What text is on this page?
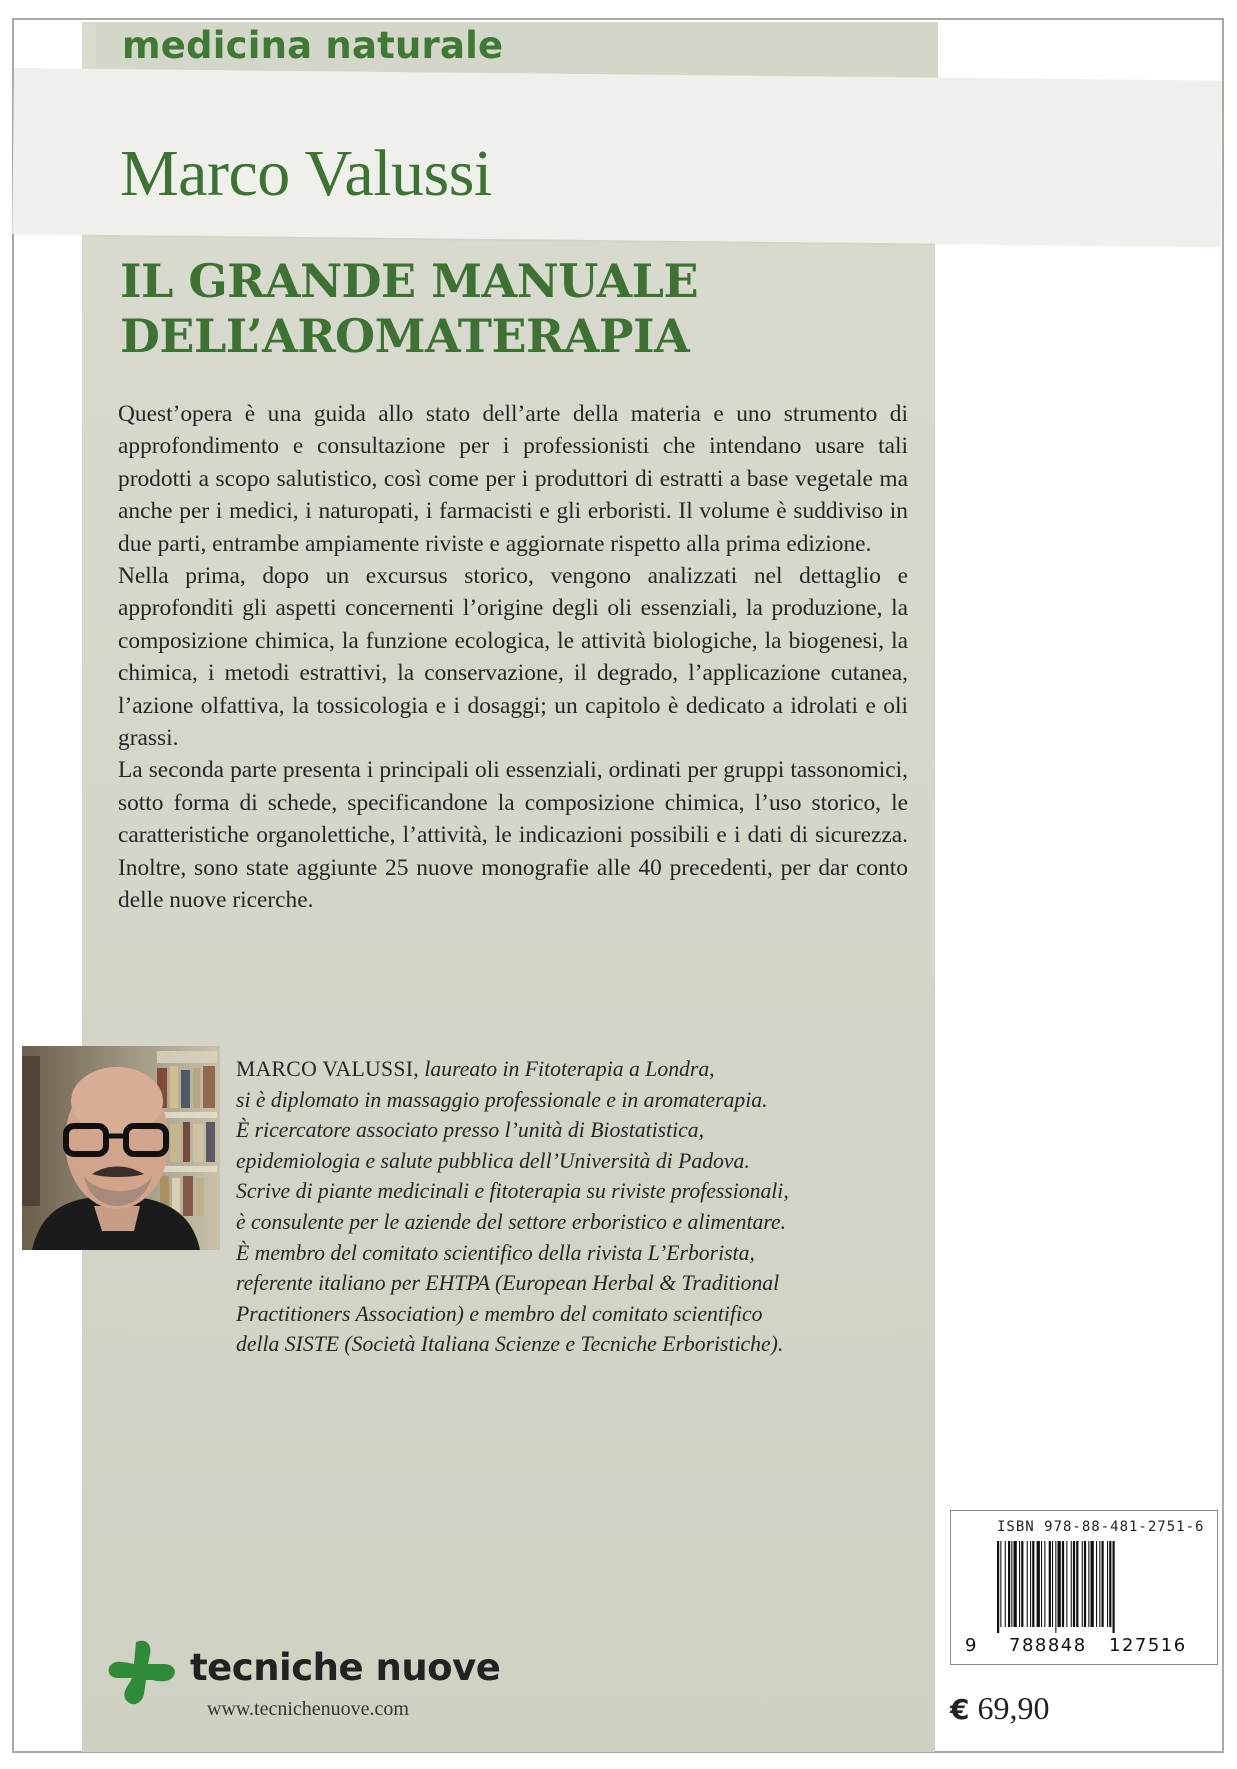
medicina naturale
Marco Valussi
IL GRANDE MANUALE
DELL’AROMATERAPIA

Quest’opera è una guida allo stato dell’arte della materia e uno strumento di approfondimento e consultazione per i professionisti che intendano usare tali prodotti a scopo salutistico, così come per i produttori di estratti a base vegetale ma anche per i medici, i naturopati, i farmacisti e gli erboristi. Il volume è suddiviso in due parti, entrambe ampiamente riviste e aggiornate rispetto alla prima edizione.

Nella prima, dopo un excursus storico, vengono analizzati nel dettaglio e approfonditi gli aspetti concernenti l’origine degli oli essenziali, la produzione, la composizione chimica, la funzione ecologica, le attività biologiche, la biogenesi, la chimica, i metodi estrattivi, la conservazione, il degrado, l’applicazione cutanea, l’azione olfattiva, la tossicologia e i dosaggi; un capitolo è dedicato a idrolati e oli grassi.

La seconda parte presenta i principali oli essenziali, ordinati per gruppi tassonomici, sotto forma di schede, specificandone la composizione chimica, l’uso storico, le caratteristiche organolettiche, l’attività, le indicazioni possibili e i dati di sicurezza. Inoltre, sono state aggiunte 25 nuove monografie alle 40 precedenti, per dar conto delle nuove ricerche.

MARCO VALUSSI, laureato in Fitoterapia a Londra,
si è diplomato in massaggio professionale e in aromaterapia.
È ricercatore associato presso l’unità di Biostatistica,
epidemiologia e salute pubblica dell’Università di Padova.
Scrive di piante medicinali e fitoterapia su riviste professionali,
è consulente per le aziende del settore erboristico e alimentare.
È membro del comitato scientifico della rivista L’Erborista,
referente italiano per EHTPA (European Herbal & Traditional
Practitioners Association) e membro del comitato scientifico
della SISTE (Società Italiana Scienze e Tecniche Erboristiche).
ISBN 978-88-481-2751-6
9 788848 127516
€ 69,90
tecniche nuove
www.tecnichenuove.com
